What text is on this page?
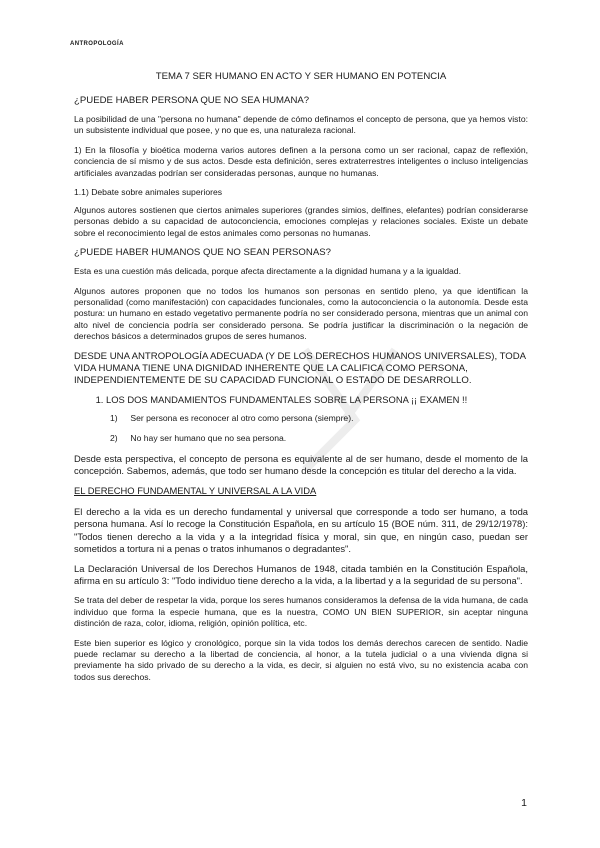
ANTROPOLOGÍA
TEMA 7 SER HUMANO EN ACTO Y SER HUMANO EN POTENCIA
¿PUEDE HABER PERSONA QUE NO SEA HUMANA?

La posibilidad de una "persona no humana" depende de cómo definamos el concepto de persona, que ya hemos visto: un subsistente individual que posee, y no que es, una naturaleza racional.

1) En la filosofía y bioética moderna varios autores definen a la persona como un ser racional, capaz de reflexión, conciencia de sí mismo y de sus actos. Desde esta definición, seres extraterrestres inteligentes o incluso inteligencias artificiales avanzadas podrían ser consideradas personas, aunque no humanas.

1.1) Debate sobre animales superiores

Algunos autores sostienen que ciertos animales superiores (grandes simios, delfines, elefantes) podrían considerarse personas debido a su capacidad de autoconciencia, emociones complejas y relaciones sociales. Existe un debate sobre el reconocimiento legal de estos animales como personas no humanas.

¿PUEDE HABER HUMANOS QUE NO SEAN PERSONAS?

Esta es una cuestión más delicada, porque afecta directamente a la dignidad humana y a la igualdad.

Algunos autores proponen que no todos los humanos son personas en sentido pleno, ya que identifican la personalidad (como manifestación) con capacidades funcionales, como la autoconciencia o la autonomía. Desde esta postura: un humano en estado vegetativo permanente podría no ser considerado persona, mientras que un animal con alto nivel de conciencia podría ser considerado persona. Se podría justificar la discriminación o la negación de derechos básicos a determinados grupos de seres humanos.

DESDE UNA ANTROPOLOGÍA ADECUADA (Y DE LOS DERECHOS HUMANOS UNIVERSALES), TODA VIDA HUMANA TIENE UNA DIGNIDAD INHERENTE QUE LA CALIFICA COMO PERSONA, INDEPENDIENTEMENTE DE SU CAPACIDAD FUNCIONAL O ESTADO DE DESARROLLO.
1. LOS DOS MANDAMIENTOS FUNDAMENTALES SOBRE LA PERSONA ¡¡ EXAMEN !!
1) Ser persona es reconocer al otro como persona (siempre).
2) No hay ser humano que no sea persona.

Desde esta perspectiva, el concepto de persona es equivalente al de ser humano, desde el momento de la concepción. Sabemos, además, que todo ser humano desde la concepción es titular del derecho a la vida.

EL DERECHO FUNDAMENTAL Y UNIVERSAL A LA VIDA

El derecho a la vida es un derecho fundamental y universal que corresponde a todo ser humano, a toda persona humana. Así lo recoge la Constitución Española, en su artículo 15 (BOE núm. 311, de 29/12/1978): "Todos tienen derecho a la vida y a la integridad física y moral, sin que, en ningún caso, puedan ser sometidos a tortura ni a penas o tratos inhumanos o degradantes".

La Declaración Universal de los Derechos Humanos de 1948, citada también en la Constitución Española, afirma en su artículo 3: "Todo individuo tiene derecho a la vida, a la libertad y a la seguridad de su persona".

Se trata del deber de respetar la vida, porque los seres humanos consideramos la defensa de la vida humana, de cada individuo que forma la especie humana, que es la nuestra, COMO UN BIEN SUPERIOR, sin aceptar ninguna distinción de raza, color, idioma, religión, opinión política, etc.

Este bien superior es lógico y cronológico, porque sin la vida todos los demás derechos carecen de sentido. Nadie puede reclamar su derecho a la libertad de conciencia, al honor, a la tutela judicial o a una vivienda digna si previamente ha sido privado de su derecho a la vida, es decir, si alguien no está vivo, su no existencia acaba con todos sus derechos.

1
